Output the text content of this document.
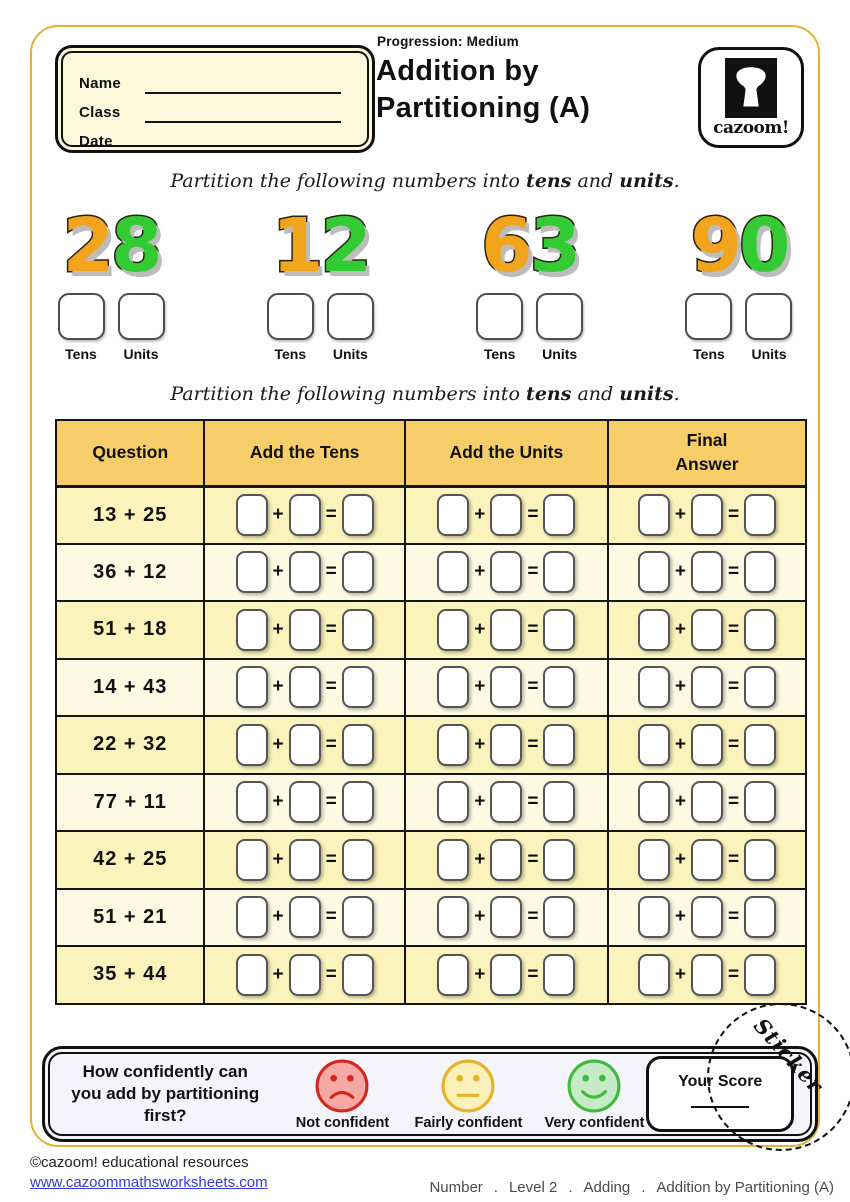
Name
Class
Date
Progression: Medium
Addition by
Partitioning (A)
cazoom!
Partition the following numbers into tens and units.
28
Tens	Units
12
Tens	Units
63
Tens	Units
90
Tens	Units
Partition the following numbers into tens and units.
Question	Add the Tens	Add the Units	Final Answer
13 + 25	+ =	+ =	+ =

36 + 12	+ =	+ =	+ =

51 + 18	+ =	+ =	+ =

14 + 43	+ =	+ =	+ =

22 + 32	+ =	+ =	+ =

77 + 11	+ =	+ =	+ =

42 + 25	+ =	+ =	+ =

51 + 21	+ =	+ =	+ =

35 + 44	+ =	+ =	+ =
How confidently can you add by partitioning first?	Not confident	Fairly confident Very confident
Your Score
Sticker
©cazoom! educational resources
www.cazoommathsworksheets.com	Number . Level 2 . Adding . Addition by Partitioning (A)
